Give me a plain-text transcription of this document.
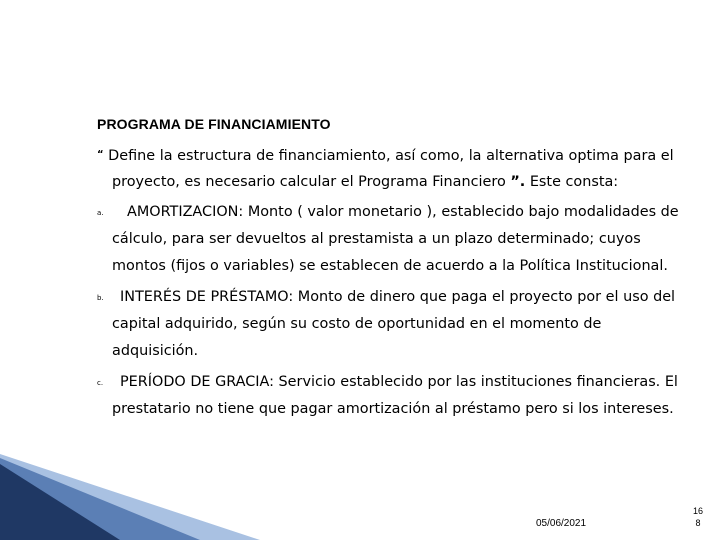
PROGRAMA DE FINANCIAMIENTO
“ Define la estructura de financiamiento, así como, la alternativa optima para el
proyecto, es necesario calcular el Programa Financiero ”. Este consta:
a. AMORTIZACION: Monto ( valor monetario ), establecido bajo modalidades de
cálculo, para ser devueltos al prestamista a un plazo determinado; cuyos
montos (fijos o variables) se establecen de acuerdo a la Política Institucional.
b. INTERÉS DE PRÉSTAMO: Monto de dinero que paga el proyecto por el uso del
capital adquirido, según su costo de oportunidad en el momento de
adquisición.
c. PERÍODO DE GRACIA: Servicio establecido por las instituciones financieras. El
prestatario no tiene que pagar amortización al préstamo pero si los intereses.
05/06/2021
16
8
